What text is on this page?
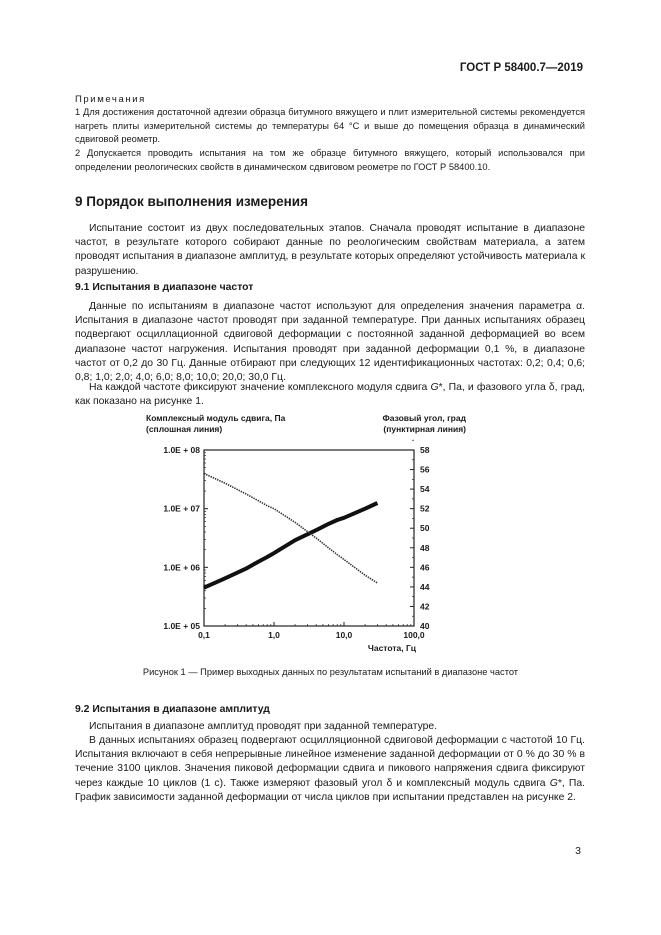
ГОСТ Р 58400.7—2019
Примечания
1 Для достижения достаточной адгезии образца битумного вяжущего и плит измерительной системы рекомендуется нагреть плиты измерительной системы до температуры 64 °С и выше до помещения образца в динамический сдвиговой реометр.
2 Допускается проводить испытания на том же образце битумного вяжущего, который использовался при определении реологических свойств в динамическом сдвиговом реометре по ГОСТ Р 58400.10.
9 Порядок выполнения измерения
Испытание состоит из двух последовательных этапов. Сначала проводят испытание в диапазоне частот, в результате которого собирают данные по реологическим свойствам материала, а затем проводят испытания в диапазоне амплитуд, в результате которых определяют устойчивость материала к разрушению.
9.1 Испытания в диапазоне частот
Данные по испытаниям в диапазоне частот используют для определения значения параметра α. Испытания в диапазоне частот проводят при заданной температуре. При данных испытаниях образец подвергают осциллационной сдвиговой деформации с постоянной заданной деформацией во всем диапазоне частот нагружения. Испытания проводят при заданной деформации 0,1 %, в диапазоне частот от 0,2 до 30 Гц. Данные отбирают при следующих 12 идентификационных частотах: 0,2; 0,4; 0,6; 0,8; 1,0; 2,0; 4,0; 6,0; 8,0; 10,0; 20,0; 30,0 Гц.
На каждой частоте фиксируют значение комплексного модуля сдвига G*, Па, и фазового угла δ, град, как показано на рисунке 1.
Комплексный модуль сдвига, Па
(сплошная линия)
Фазовый угол, град
(пунктирная линия)
1.0E + 05
1.0E + 06
1.0E + 07
1.0E + 08
40
42
44
46
48
50
52
54
56
58
0,1	1,0	10,0	100,0
Частота, Гц
Рисунок 1 — Пример выходных данных по результатам испытаний в диапазоне частот
9.2 Испытания в диапазоне амплитуд
Испытания в диапазоне амплитуд проводят при заданной температуре.
В данных испытаниях образец подвергают осцилляционной сдвиговой деформации с частотой 10 Гц. Испытания включают в себя непрерывные линейное изменение заданной деформации от 0 % до 30 % в течение 3100 циклов. Значения пиковой деформации сдвига и пикового напряжения сдвига фиксируют через каждые 10 циклов (1 с). Также измеряют фазовый угол δ и комплексный модуль сдвига G*, Па. График зависимости заданной деформации от числа циклов при испытании представлен на рисунке 2.
3
